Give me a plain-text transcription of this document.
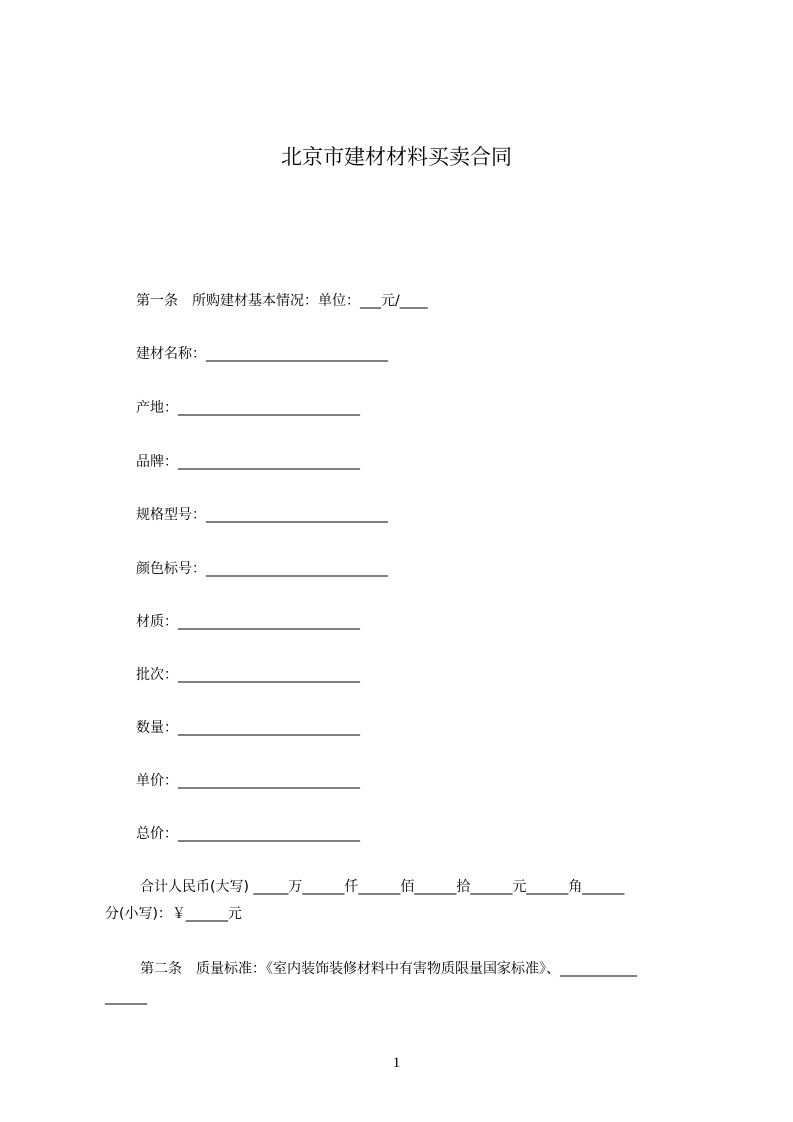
北京市建材材料买卖合同
第一条　所购建材基本情况：单位：___元/____
建材名称：__________________________
产地：__________________________
品牌：__________________________
规格型号：__________________________
颜色标号：__________________________
材质：__________________________
批次：__________________________
数量：__________________________
单价：__________________________
总价：__________________________
合计人民币(大写) _____万______仟______佰______拾______元______角______
分(小写)：￥______元
第二条　质量标准：《室内装饰装修材料中有害物质限量国家标准》、___________
______
1
